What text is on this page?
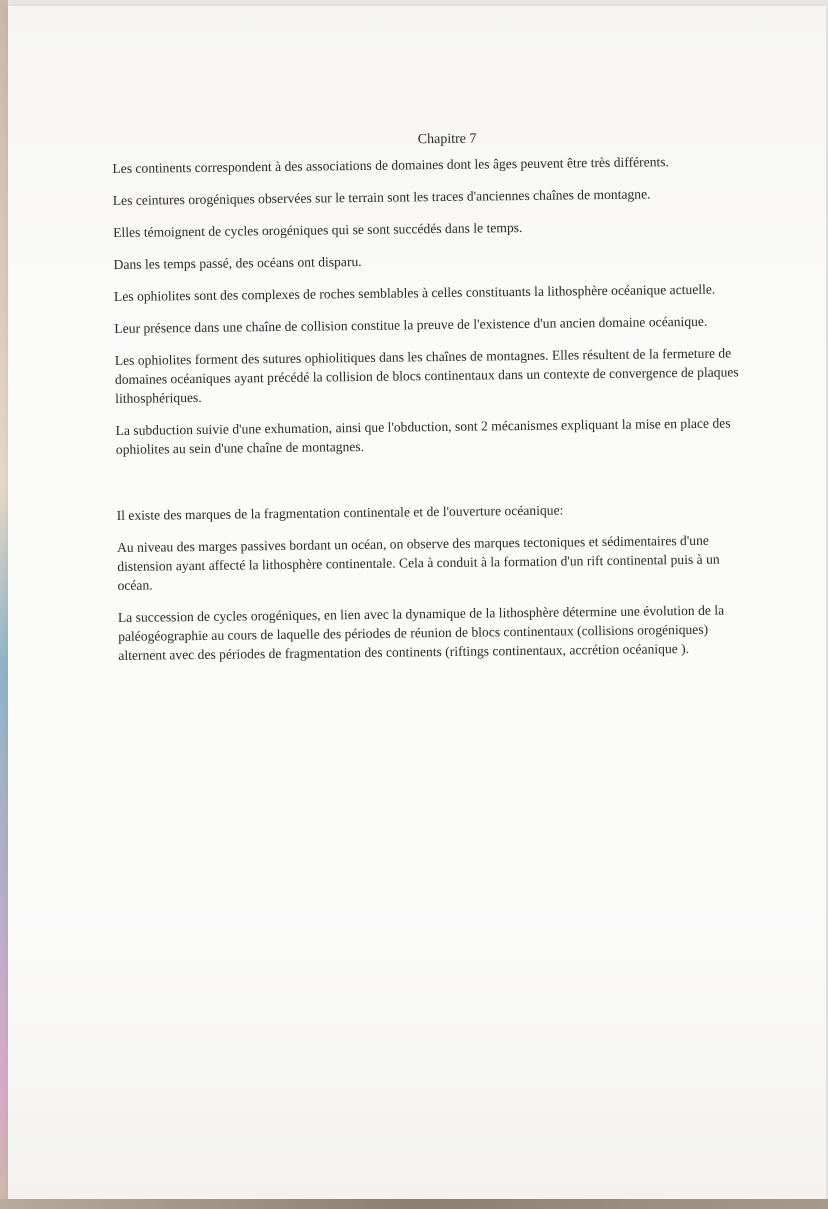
Chapitre 7

Les continents correspondent à des associations de domaines dont les âges peuvent être très différents.

Les ceintures orogéniques observées sur le terrain sont les traces d'anciennes chaînes de montagne.

Elles témoignent de cycles orogéniques qui se sont succédés dans le temps.

Dans les temps passé, des océans ont disparu.

Les ophiolites sont des complexes de roches semblables à celles constituants la lithosphère océanique actuelle.

Leur présence dans une chaîne de collision constitue la preuve de l'existence d'un ancien domaine océanique.

Les ophiolites forment des sutures ophiolitiques dans les chaînes de montagnes. Elles résultent de la fermeture de domaines océaniques ayant précédé la collision de blocs continentaux dans un contexte de convergence de plaques lithosphériques.

La subduction suivie d'une exhumation, ainsi que l'obduction, sont 2 mécanismes expliquant la mise en place des ophiolites au sein d'une chaîne de montagnes.

Il existe des marques de la fragmentation continentale et de l'ouverture océanique:

Au niveau des marges passives bordant un océan, on observe des marques tectoniques et sédimentaires d'une distension ayant affecté la lithosphère continentale. Cela à conduit à la formation d'un rift continental puis à un océan.

La succession de cycles orogéniques, en lien avec la dynamique de la lithosphère détermine une évolution de la paléogéographie au cours de laquelle des périodes de réunion de blocs continentaux (collisions orogéniques) alternent avec des périodes de fragmentation des continents (riftings continentaux, accrétion océanique ).
